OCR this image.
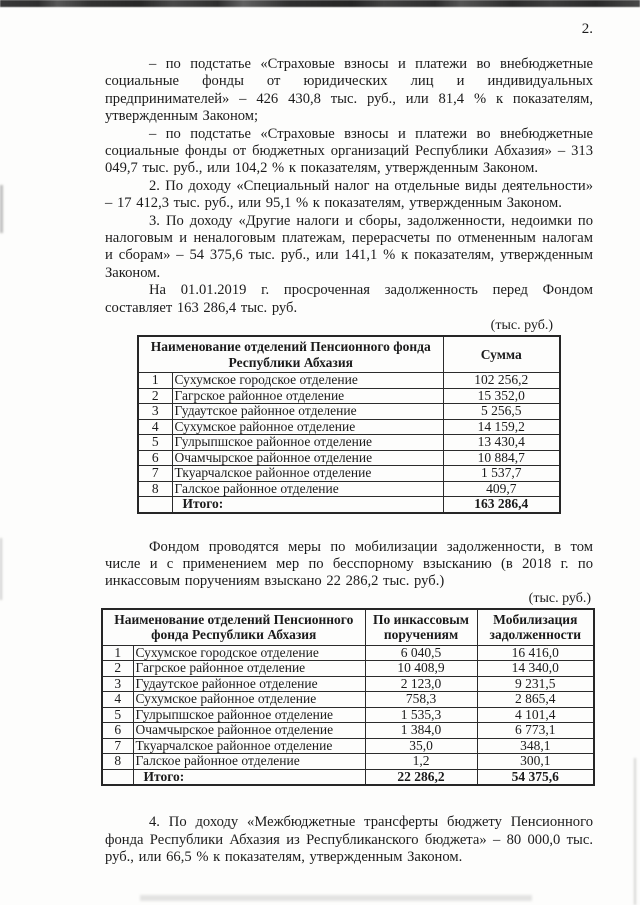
2.

– по подстатье «Страховые взносы и платежи во внебюджетные социальные фонды от юридических лиц и индивидуальных предпринимателей» – 426 430,8 тыс. руб., или 81,4 % к показателям, утвержденным Законом;

– по подстатье «Страховые взносы и платежи во внебюджетные социальные фонды от бюджетных организаций Республики Абхазия» – 313 049,7 тыс. руб., или 104,2 % к показателям, утвержденным Законом.

2. По доходу «Специальный налог на отдельные виды деятельности» – 17 412,3 тыс. руб., или 95,1 % к показателям, утвержденным Законом.

3. По доходу «Другие налоги и сборы, задолженности, недоимки по налоговым и неналоговым платежам, перерасчеты по отмененным налогам и сборам» – 54 375,6 тыс. руб., или 141,1 % к показателям, утвержденным Законом.

На 01.01.2019 г. просроченная задолженность перед Фондом составляет 163 286,4 тыс. руб.

(тыс. руб.)
Наименование отделений Пенсионного фонда Республики Абхазия		Сумма
1	Сухумское городское отделение	102 256,2
2	Гагрское районное отделение	15 352,0
3	Гудаутское районное отделение	5 256,5
4	Сухумское районное отделение	14 159,2
5	Гулрыпшское районное отделение	13 430,4
6	Очамчырское районное отделение	10 884,7
7	Ткуарчалское районное отделение	1 537,7
8	Галское районное отделение	409,7
	Итого:	163 286,4

Фондом проводятся меры по мобилизации задолженности, в том числе и с применением мер по бесспорному взысканию (в 2018 г. по инкассовым поручениям взыскано 22 286,2 тыс. руб.)

(тыс. руб.)
Наименование отделений Пенсионного фонда Республики Абхазия		По инкассовым поручениям	Мобилизация задолженности
1	Сухумское городское отделение	6 040,5	16 416,0
2	Гагрское районное отделение	10 408,9	14 340,0
3	Гудаутское районное отделение	2 123,0	9 231,5
4	Сухумское районное отделение	758,3	2 865,4
5	Гулрыпшское районное отделение	1 535,3	4 101,4
6	Очамчырское районное отделение	1 384,0	6 773,1
7	Ткуарчалское районное отделение	35,0	348,1
8	Галское районное отделение	1,2	300,1
	Итого:	22 286,2	54 375,6

4. По доходу «Межбюджетные трансферты бюджету Пенсионного фонда Республики Абхазия из Республиканского бюджета» – 80 000,0 тыс. руб., или 66,5 % к показателям, утвержденным Законом.
